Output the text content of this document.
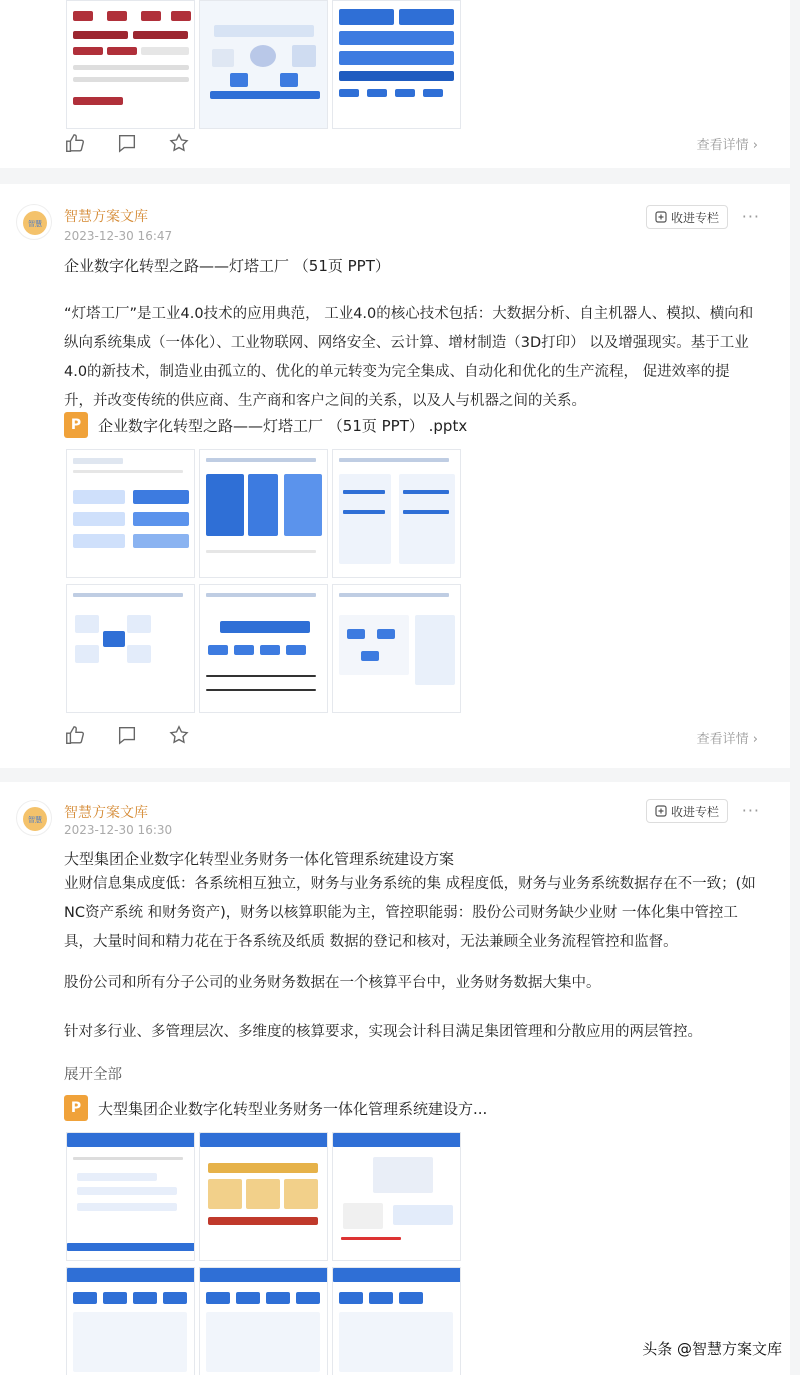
查看详情 ›
智慧 智慧方案文库
2023-12-30 16:47
收进专栏 ···
企业数字化转型之路——灯塔工厂 （51页 PPT）
“灯塔工厂”是工业4.0技术的应用典范， 工业4.0的核心技术包括：大数据分析、自主机器人、模拟、横向和纵向系统集成（一体化）、工业物联网、网络安全、云计算、增材制造（3D打印） 以及增强现实。基于工业4.0的新技术，制造业由孤立的、优化的单元转变为完全集成、自动化和优化的生产流程， 促进效率的提升，并改变传统的供应商、生产商和客户之间的关系，以及人与机器之间的关系。
P	企业数字化转型之路——灯塔工厂 （51页 PPT） .pptx
查看详情 ›
智慧 智慧方案文库
2023-12-30 16:30
收进专栏 ···
大型集团企业数字化转型业务财务一体化管理系统建设方案
业财信息集成度低：各系统相互独立，财务与业务系统的集 成程度低，财务与业务系统数据存在不一致；(如NC资产系统 和财务资产)，财务以核算职能为主，管控职能弱：股份公司财务缺少业财 一体化集中管控工具，大量时间和精力花在于各系统及纸质 数据的登记和核对，无法兼顾全业务流程管控和监督。
股份公司和所有分子公司的业务财务数据在一个核算平台中，业务财务数据大集中。
针对多行业、多管理层次、多维度的核算要求，实现会计科目满足集团管理和分散应用的两层管控。
展开全部
P	大型集团企业数字化转型业务财务一体化管理系统建设方...
头条 @智慧方案文库
